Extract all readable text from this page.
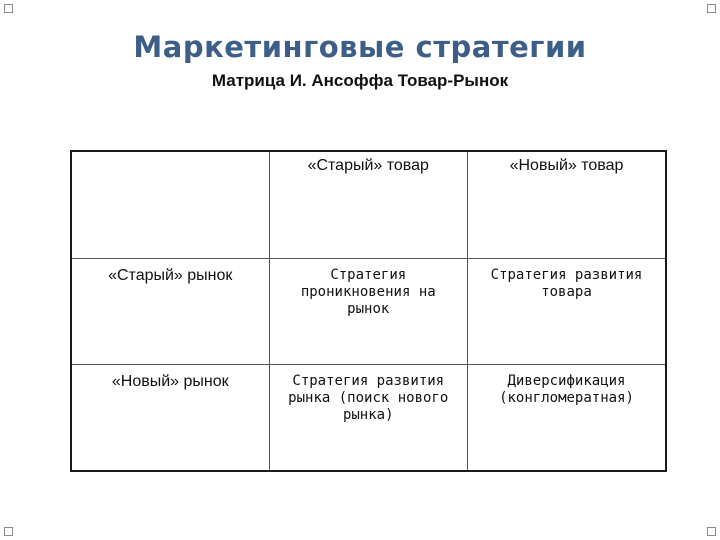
Маркетинговые стратегии
Матрица И. Ансоффа Товар-Рынок
	«Старый» товар	«Новый» товар
«Старый» рынок	Стратегия проникновения на рынок	Стратегия развития товара
«Новый» рынок	Стратегия развития рынка (поиск нового рынка)	Диверсификация (конгломератная)
